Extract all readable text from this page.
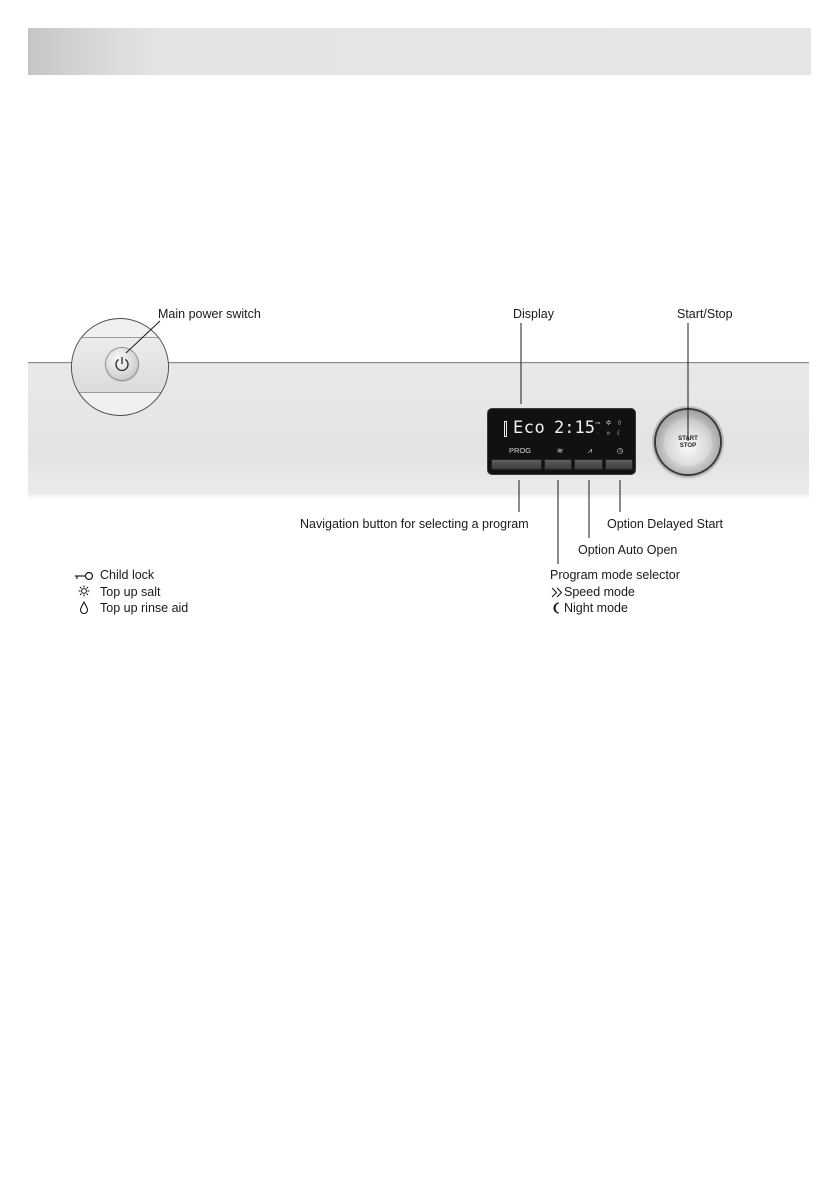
Eco 2:15 ⊸ ✲ ◊
◦ » ☾
PROG	≋	⩘	◷
START
STOP
Main power switch	Display	Start/Stop
Navigation button for selecting a program	Option Delayed Start
Option Auto Open
Program mode selector
Child lock
Top up salt
Top up rinse aid
Speed mode
Night mode
